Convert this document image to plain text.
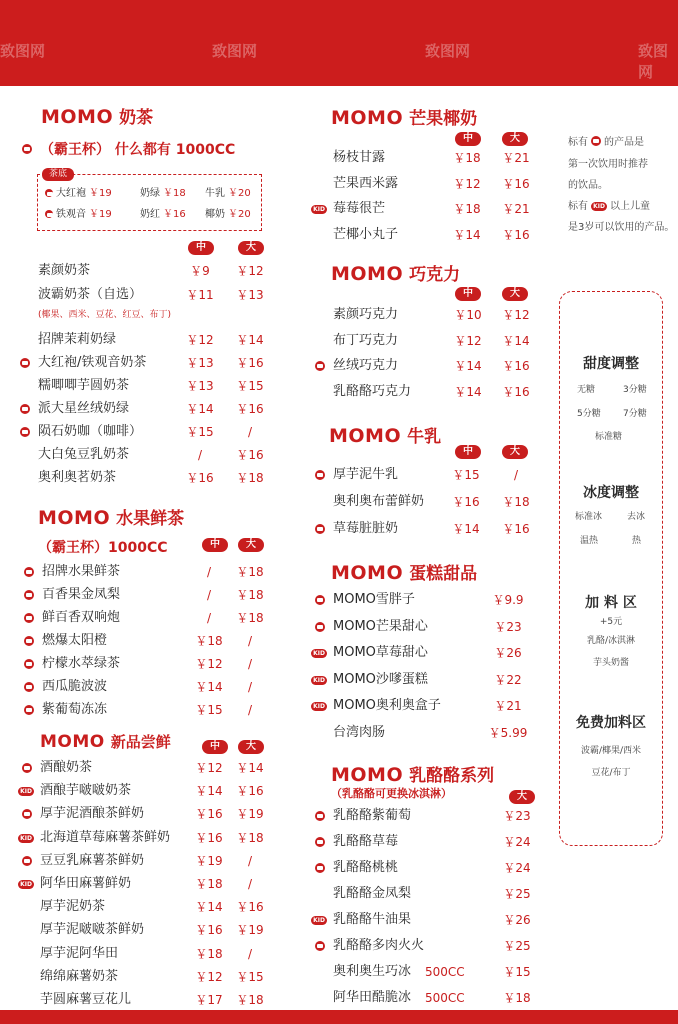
致图网	致图网	致图网	致图网
MOMO 奶茶
（霸王杯） 什么都有 1000CC
茶底
大红袍 ￥19	奶绿 ￥18 牛乳 ￥20
铁观音 ￥19	奶红 ￥16 椰奶 ￥20
中	大
素颜奶茶	￥9	￥12
波霸奶茶（自选）	￥11	￥13
招牌茉莉奶绿	￥12	￥14
大红袍/铁观音奶茶	￥13	￥16
糯唧唧芋圆奶茶	￥13	￥15
派大星丝绒奶绿	￥14	￥16
陨石奶咖（咖啡）	￥15	/
大白兔豆乳奶茶	/	￥16
奥利奥茗奶茶	￥16	￥18
(椰果、西米、豆花、红豆、布丁)
MOMO 水果鲜茶
（霸王杯）1000CC	中	大
招牌水果鲜茶	/	￥18
百香果金凤梨	/	￥18
鲜百香双响炮	/	￥18
燃爆太阳橙	￥18	/
柠檬水萃绿茶	￥12	/
西瓜脆波波	￥14	/
紫葡萄冻冻	￥15	/
MOMO 新品尝鲜	中	大
酒酿奶茶	￥12	￥14
KID 酒酿芋啵啵奶茶	￥14	￥16
厚芋泥酒酿茶鲜奶	￥16	￥19
KID 北海道草莓麻薯茶鲜奶	￥16	￥18
豆豆乳麻薯茶鲜奶	￥19	/
KID 阿华田麻薯鲜奶	￥18	/
厚芋泥奶茶	￥14	￥16
厚芋泥啵啵茶鲜奶	￥16	￥19
厚芋泥阿华田	￥18	/
绵绵麻薯奶茶	￥12	￥15
芋圆麻薯豆花儿	￥17	￥18
MOMO 芒果椰奶
中	大
杨枝甘露	￥18	￥21
芒果西米露	￥12	￥16
KID 莓莓很芒	￥18	￥21
芒椰小丸子	￥14	￥16
MOMO 巧克力
中	大
素颜巧克力	￥10	￥12
布丁巧克力	￥12	￥14
丝绒巧克力	￥14	￥16
乳酪酪巧克力	￥14	￥16
MOMO 牛乳
中	大
厚芋泥牛乳	￥15	/
奥利奥布蕾鲜奶	￥16	￥18
草莓脏脏奶	￥14	￥16
MOMO 蛋糕甜品
MOMO雪胖子	￥9.9
MOMO芒果甜心	￥23
KID MOMO草莓甜心	￥26
KID MOMO沙嗲蛋糕	￥22
KID MOMO奥利奥盒子	￥21
台湾肉肠	￥5.99
MOMO 乳酪酪系列
（乳酪酪可更换冰淇淋）	大
乳酪酪紫葡萄	￥23
乳酪酪草莓	￥24
乳酪酪桃桃	￥24
乳酪酪金凤梨	￥25
KID 乳酪酪牛油果	￥26
乳酪酪多肉火火	￥25
奥利奥生巧冰 500CC	￥15
阿华田酷脆冰 500CC	￥18
标有 的产品是
第一次饮用时推荐
的饮品。
标有 KID 以上儿童
是3岁可以饮用的产品。
甜度调整
无糖	3分糖
5分糖 7分糖
标准糖
冰度调整
标准冰	去冰
温热	热
加 料 区
+5元
乳酪/冰淇淋
芋头奶酱
免费加料区
波霸/椰果/西米
豆花/布丁
